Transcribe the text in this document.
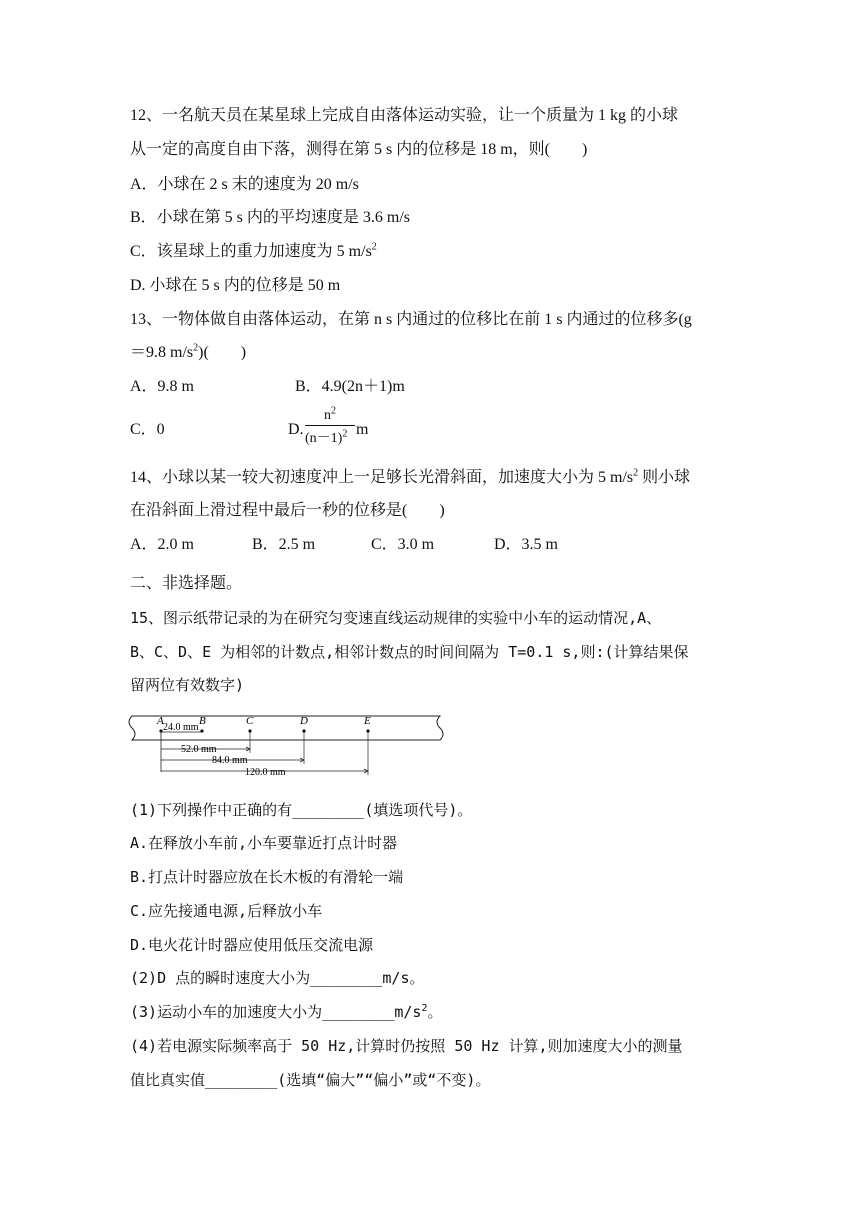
12、一名航天员在某星球上完成自由落体运动实验，让一个质量为 1 kg 的小球
从一定的高度自由下落，测得在第 5 s 内的位移是 18 m，则(　　)
A．小球在 2 s 末的速度为 20 m/s
B．小球在第 5 s 内的平均速度是 3.6 m/s
C．该星球上的重力加速度为 5 $m/s^2$
D. 小球在 5 s 内的位移是 50 m
13、一物体做自由落体运动，在第 n s 内通过的位移比在前 1 s 内通过的位移多(g
＝9.8 $m/s^2$)(　　)
A．9.8 m	B．4.9(2n＋1)m
C．0	D.
$n^2$
$(n-1)^2$ m
14、小球以某一较大初速度冲上一足够长光滑斜面，加速度大小为 5 $m/s^2$ 则小球
在沿斜面上滑过程中最后一秒的位移是(　　)
A．2.0 m	B．2.5 m	C．3.0 m	D．3.5 m
二、非选择题。
15、图示纸带记录的为在研究匀变速直线运动规律的实验中小车的运动情况,A、
B、C、D、E 为相邻的计数点,相邻计数点的时间间隔为 T=0.1 s,则:(计算结果保
留两位有效数字)
A	B	C	D	E
24.0 mm
52.0 mm
84.0 mm
120.0 mm
(1)下列操作中正确的有________(填选项代号)。
A.在释放小车前,小车要靠近打点计时器
B.打点计时器应放在长木板的有滑轮一端
C.应先接通电源,后释放小车
D.电火花计时器应使用低压交流电源
(2)D 点的瞬时速度大小为________m/s。
(3)运动小车的加速度大小为$\_\_\_\_\_\_\_\_m/s^2$。
(4)若电源实际频率高于 50 Hz,计算时仍按照 50 Hz 计算,则加速度大小的测量
值比真实值________(选填“偏大”“偏小”或“不变)。
